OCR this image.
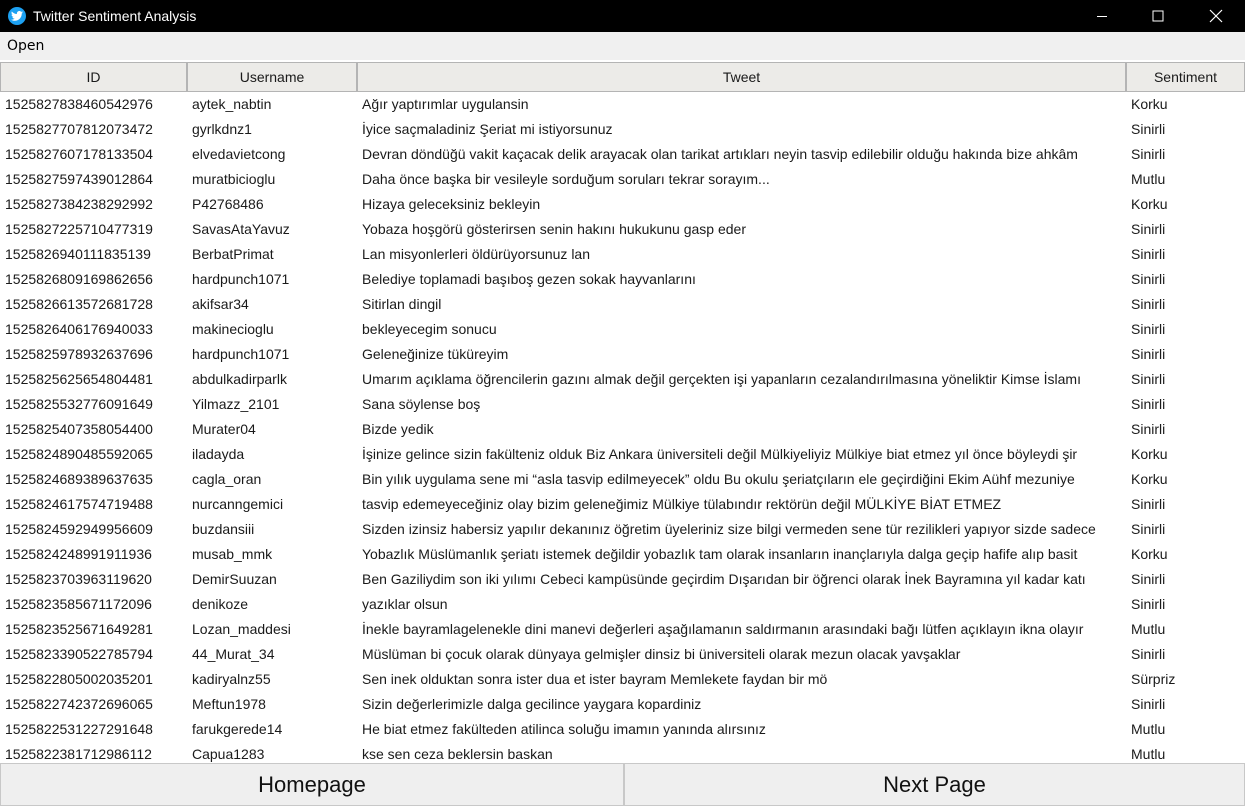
Twitter Sentiment Analysis
Open
ID	Username	Tweet	Sentiment
1525827838460542976	aytek_nabtin	Ağır yaptırımlar uygulansin	Korku
1525827707812073472	gyrlkdnz1	İyice saçmaladiniz Şeriat mi istiyorsunuz	Sinirli
1525827607178133504	elvedavietcong	Devran döndüğü vakit kaçacak delik arayacak olan tarikat artıkları neyin tasvip edilebilir olduğu hakında bize ahkâm	Sinirli
1525827597439012864	muratbicioglu	Daha önce başka bir vesileyle sorduğum soruları tekrar sorayım...	Mutlu
1525827384238292992	P42768486	Hizaya geleceksiniz bekleyin	Korku
1525827225710477319	SavasAtaYavuz	Yobaza hoşgörü gösterirsen senin hakını hukukunu gasp eder	Sinirli
1525826940111835139	BerbatPrimat	Lan misyonlerleri öldürüyorsunuz lan	Sinirli
1525826809169862656	hardpunch1071	Belediye toplamadi başıboş gezen sokak hayvanlarını	Sinirli
1525826613572681728	akifsar34	Sitirlan dingil	Sinirli
1525826406176940033	makinecioglu	bekleyecegim sonucu	Sinirli
1525825978932637696	hardpunch1071	Geleneğinize tüküreyim	Sinirli
1525825625654804481	abdulkadirparlk	Umarım açıklama öğrencilerin gazını almak değil gerçekten işi yapanların cezalandırılmasına yöneliktir Kimse İslamı	Sinirli
1525825532776091649	Yilmazz_2101	Sana söylense boş	Sinirli
1525825407358054400	Murater04	Bizde yedik	Sinirli
1525824890485592065	iladayda	İşinize gelince sizin fakülteniz olduk Biz Ankara üniversiteli değil Mülkiyeliyiz Mülkiye biat etmez yıl önce böyleydi şir	Korku
1525824689389637635	cagla_oran	Bin yılık uygulama sene mi “asla tasvip edilmeyecek” oldu Bu okulu şeriatçıların ele geçirdiğini Ekim Aühf mezuniye	Korku
1525824617574719488	nurcanngemici	tasvip edemeyeceğiniz olay bizim geleneğimiz Mülkiye tülabındır rektörün değil MÜLKİYE BİAT ETMEZ	Sinirli
1525824592949956609	buzdansiii	Sizden izinsiz habersiz yapılır dekanınız öğretim üyeleriniz size bilgi vermeden sene tür rezilikleri yapıyor sizde sadece	Sinirli
1525824248991911936	musab_mmk	Yobazlık Müslümanlık şeriatı istemek değildir yobazlık tam olarak insanların inançlarıyla dalga geçip hafife alıp basit	Korku
1525823703963119620	DemirSuuzan	Ben Gaziliydim son iki yılımı Cebeci kampüsünde geçirdim Dışarıdan bir öğrenci olarak İnek Bayramına yıl kadar katı	Sinirli
1525823585671172096	denikoze	yazıklar olsun	Sinirli
1525823525671649281	Lozan_maddesi	İnekle bayramlagelenekle dini manevi değerleri aşağılamanın saldırmanın arasındaki bağı lütfen açıklayın ikna olayır	Mutlu
1525823390522785794	44_Murat_34	Müslüman bi çocuk olarak dünyaya gelmişler dinsiz bi üniversiteli olarak mezun olacak yavşaklar	Sinirli
1525822805002035201	kadiryalnz55	Sen inek olduktan sonra ister dua et ister bayram Memlekete faydan bir mö	Sürpriz
1525822742372696065	Meftun1978	Sizin değerlerimizle dalga gecilince yaygara kopardiniz	Sinirli
1525822531227291648	farukgerede14	He biat etmez fakülteden atilinca soluğu imamın yanında alırsınız	Mutlu
1525822381712986112	Capua1283	kse sen ceza beklersin baskan	Mutlu
Homepage	Next Page
